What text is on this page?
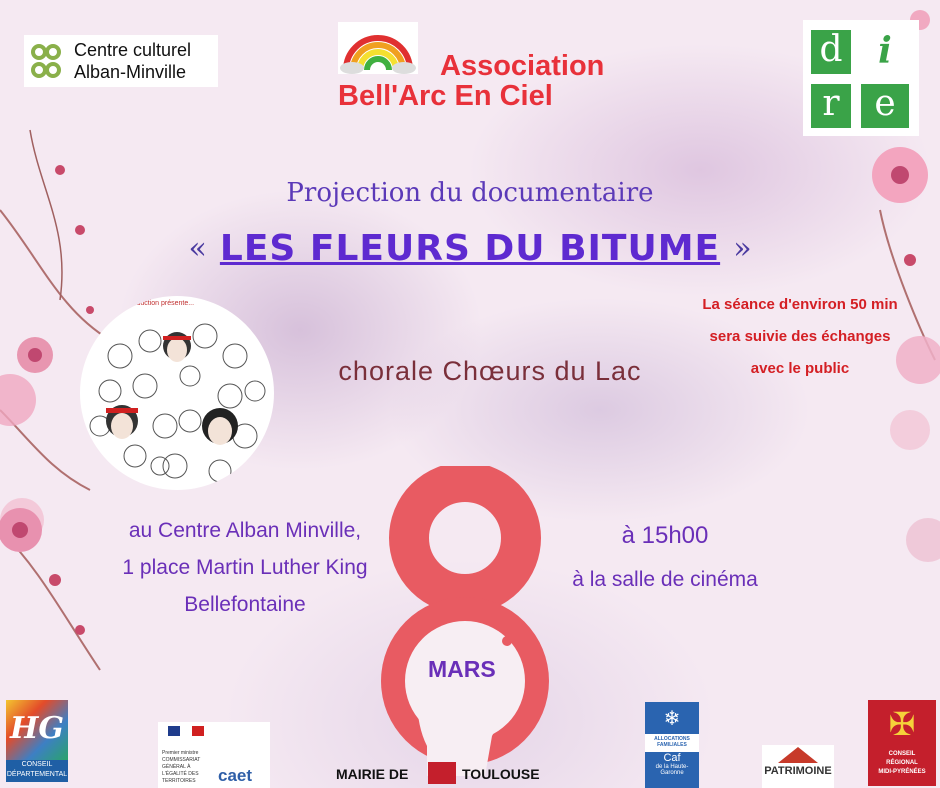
Centre culturel
Alban-Minville	Association
Bell'Arc En Ciel
d i
r e
Projection du documentaire
« LES FLEURS DU BITUME »
...en Production présente...	La séance d'environ 50 min
sera suivie des échanges
avec le public
chorale Chœurs du Lac
MARS
au Centre Alban Minville,
1 place Martin Luther King
Bellefontaine
à 15h00
à la salle de cinéma
HG
CONSEIL
DÉPARTEMENTAL
Premier ministre
COMMISSARIAT GÉNÉRAL À L'ÉGALITÉ DES TERRITOIRES	caet	MAIRIE DE	TOULOUSE
❄
ALLOCATIONS FAMILIALES
Caf
de la Haute-Garonne	PATRIMOINE
✠
CONSEIL
RÉGIONAL
MIDI-PYRÉNÉES
